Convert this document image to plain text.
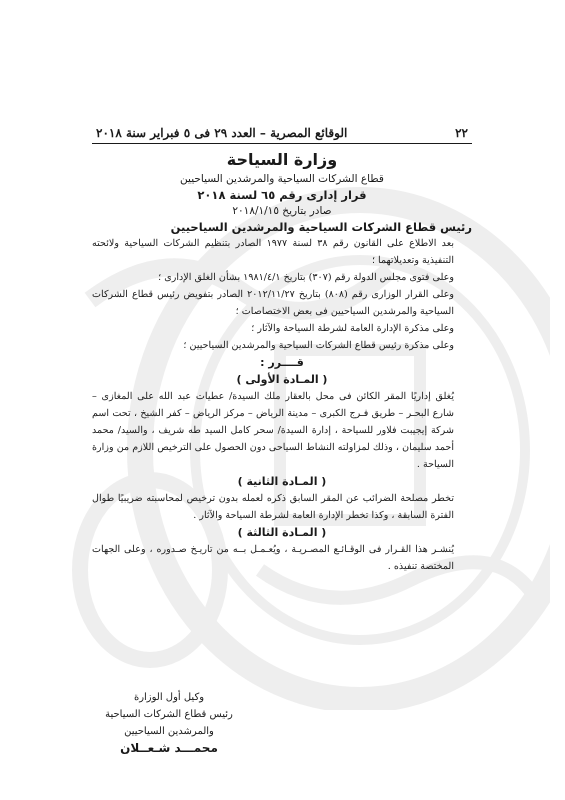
٢٢
الوقائع المصرية – العدد ٢٩ فى ٥ فبراير سنة ٢٠١٨
وزارة السياحة
قطاع الشركات السياحية والمرشدين السياحيين
قرار إدارى رقم ٦٥ لسنة ٢٠١٨
صادر بتاريخ ٢٠١٨/١/١٥
رئيس قطاع الشركات السياحية والمرشدين السياحيين
بعد الاطلاع على القانون رقم ٣٨ لسنة ١٩٧٧ الصادر بتنظيم الشركات السياحية ولائحته التنفيذية وتعديلاتهما ؛
وعلى فتوى مجلس الدولة رقم (٣٠٧) بتاريخ ١٩٨١/٤/١ بشأن الغلق الإدارى ؛
وعلى القرار الوزارى رقم (٨٠٨) بتاريخ ٢٠١٢/١١/٢٧ الصادر بتفويض رئيس قطاع الشركات السياحية والمرشدين السياحيين فى بعض الاختصاصات ؛
وعلى مذكرة الإدارة العامة لشرطة السياحة والآثار ؛
وعلى مذكرة رئيس قطاع الشركات السياحية والمرشدين السياحيين ؛
قــــرر :
( المـادة الأولى )
يُغلق إداريًا المقر الكائن فى محل بالعقار ملك السيدة/ عطيات عبد الله على المغازى – شارع البحـر – طريق فـرج الكبرى – مدينة الرياض – مركز الرياض – كفر الشيخ ، تحت اسم شركة إيجيبت فلاور للسياحة ، إدارة السيدة/ سحر كامل السيد طه شريف ، والسيد/ محمد أحمد سليمان ، وذلك لمزاولته النشاط السياحى دون الحصول على الترخيص اللازم من وزارة السياحة .
( المـادة الثانية )
تخطر مصلحة الضرائب عن المقر السابق ذكره لعمله بدون ترخيص لمحاسبته ضريبيًا طوال الفترة السابقة ، وكذا تخطر الإدارة العامة لشرطة السياحة والآثار .
( المـادة الثالثة )
يُنشـر هذا القـرار فى الوقـائـع المصـريـة ، ويُعـمـل بــه من تاريـخ صـدوره ، وعلى الجهات المختصة تنفيذه .
وكيل أول الوزارة
رئيس قطاع الشركات السياحية
والمرشدين السياحيين
محمـــد شـعــلان
